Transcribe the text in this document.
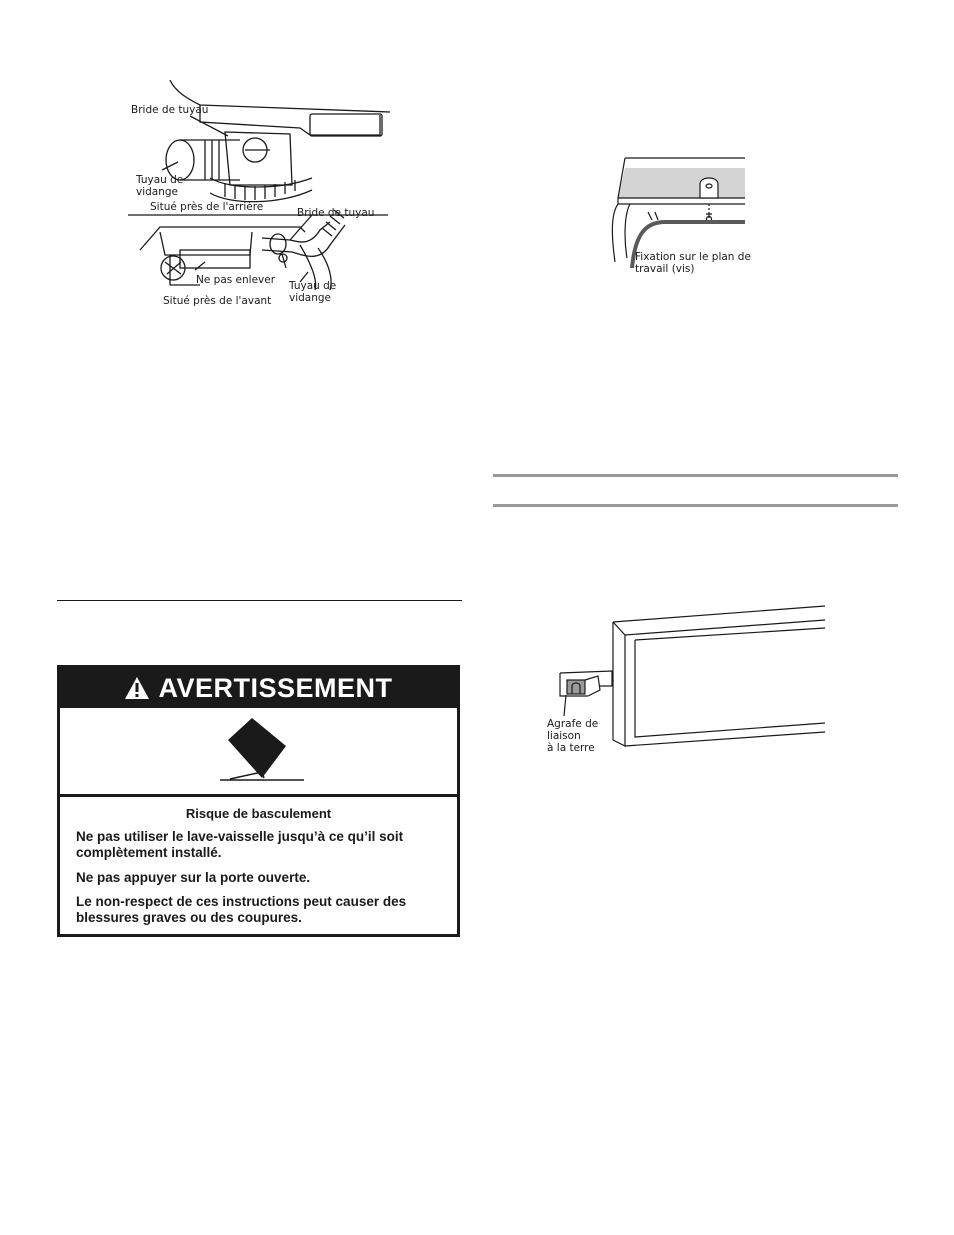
Bride de tuyau
Tuyau de
vidange
Situé près de l'arrière	Bride de tuyau
Ne pas enlever Tuyau de
vidange
Situé près de l'avant
Fixation sur le plan de
travail (vis)
Agrafe de
liaison
à la terre
AVERTISSEMENT
Risque de basculement
Ne pas utiliser le lave-vaisselle jusqu’à ce qu’il soit complètement installé.
Ne pas appuyer sur la porte ouverte.
Le non-respect de ces instructions peut causer des blessures graves ou des coupures.
